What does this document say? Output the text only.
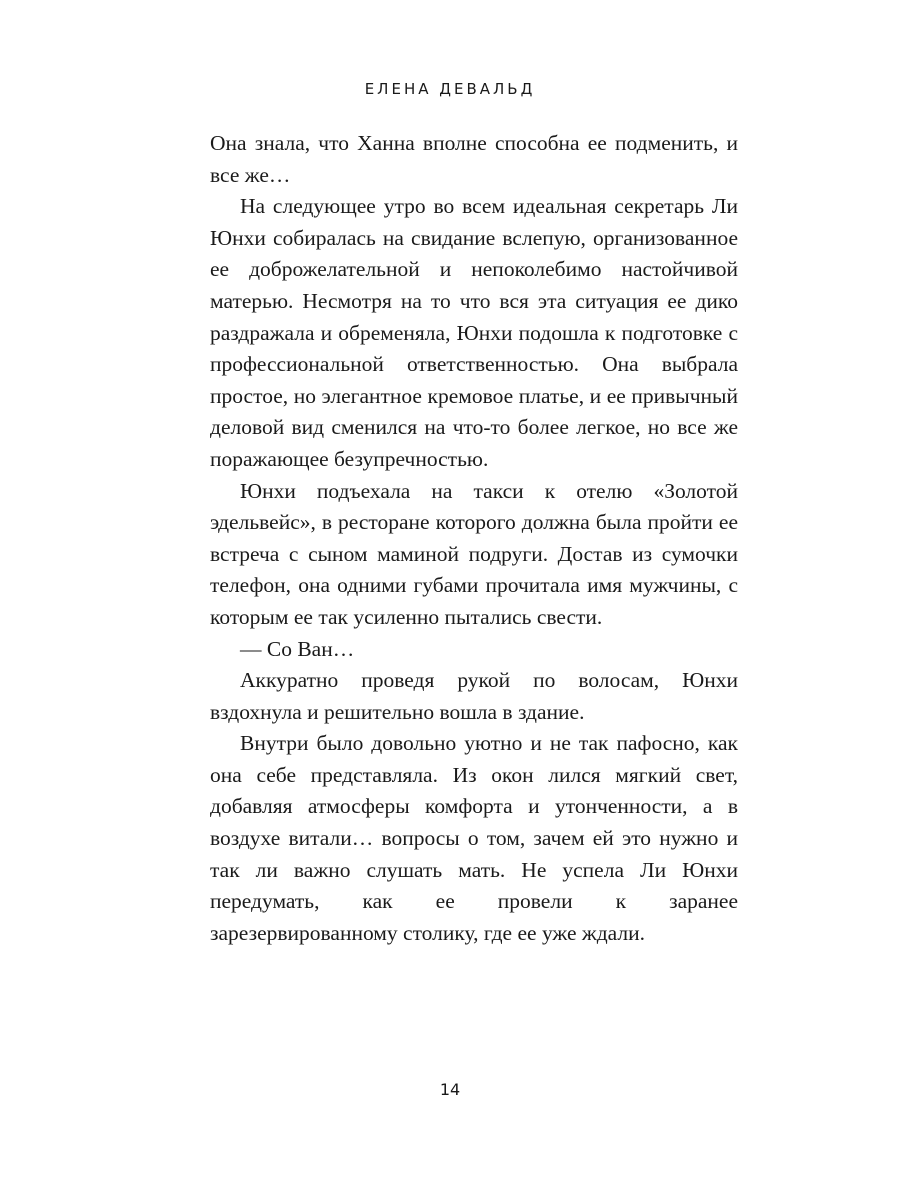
ЕЛЕНА ДЕВАЛЬД

Она знала, что Ханна вполне способна ее подменить, и все же…

На следующее утро во всем идеальная секретарь Ли Юнхи собиралась на свидание вслепую, организованное ее доброжелательной и непоколебимо настойчивой матерью. Несмотря на то что вся эта ситуация ее дико раздражала и обременяла, Юнхи подошла к подготовке с профессиональной ответственностью. Она выбрала простое, но элегантное кремовое платье, и ее привычный деловой вид сменился на что-то более легкое, но все же поражающее безупречностью.

Юнхи подъехала на такси к отелю «Золотой эдельвейс», в ресторане которого должна была пройти ее встреча с сыном маминой подруги. Достав из сумочки телефон, она одними губами прочитала имя мужчины, с которым ее так усиленно пытались свести.

— Со Ван…

Аккуратно проведя рукой по волосам, Юнхи вздохнула и решительно вошла в здание.

Внутри было довольно уютно и не так пафосно, как она себе представляла. Из окон лился мягкий свет, добавляя атмосферы комфорта и утонченности, а в воздухе витали… вопросы о том, зачем ей это нужно и так ли важно слушать мать. Не успела Ли Юнхи передумать, как ее провели к заранее зарезервированному столику, где ее уже ждали.

14
